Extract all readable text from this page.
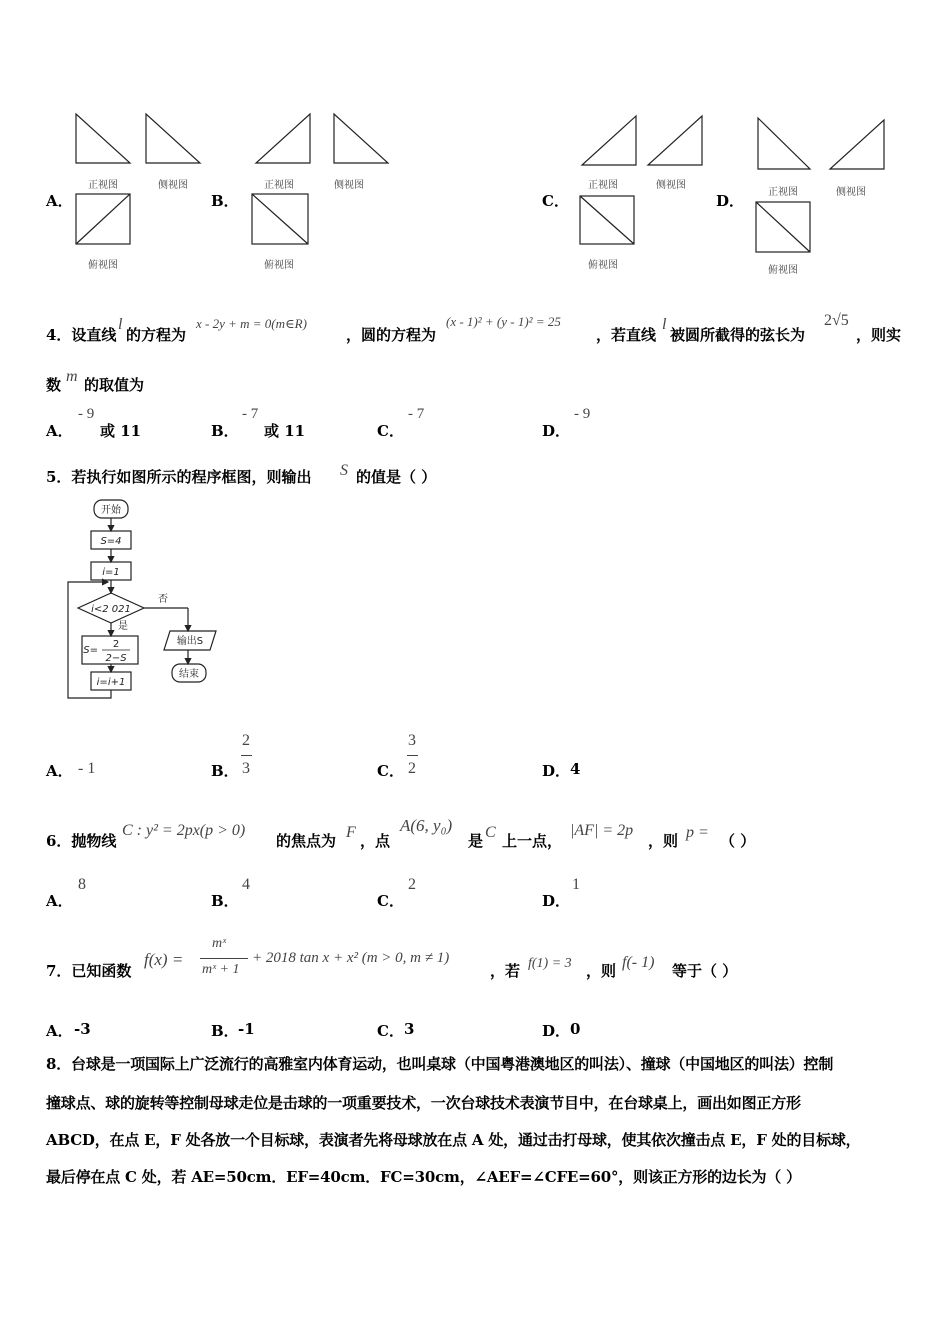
A．
正视图	侧视图
俯视图
B．
正视图	侧视图
俯视图
C．
正视图	侧视图
俯视图
D． 正视图	侧视图
俯视图
4．设直线
l
的方程为
x - 2y + m = 0(m∈R)
，圆的方程为
(x - 1)² + (y - 1)² = 25
，若直线
l
被圆所截得的弦长为
2√5
，则实
数 m 的取值为
A．
- 9
或 11	B．
- 7
或 11	C．
- 7
D．
- 9
5．若执行如图所示的程序框图，则输出 S 的值是（ ）
开始
S=4
i=1
i<2 021
否
是
S=
2
2−S
i=i+1
输出S
结束
A． - 1	B．
2
3	C．
3
2	D． 4
6．抛物线
C : y² = 2px(p > 0)
的焦点为 F ，点
A(6, y₀)
是 C 上一点，
|AF| = 2p
，则 p = （ ）
A．
8
B．
4
C．
2
D．
1
7．已知函数
f(x) =
mˣ
mˣ + 1
+ 2018 tan x + x² (m > 0, m ≠ 1)
，若 f(1) = 3 ，则 f(- 1) 等于（ ）
A． -3	B． -1	C． 3	D． 0
8．台球是一项国际上广泛流行的高雅室内体育运动，也叫桌球（中国粤港澳地区的叫法）、撞球（中国地区的叫法）控制
撞球点、球的旋转等控制母球走位是击球的一项重要技术，一次台球技术表演节目中，在台球桌上，画出如图正方形
ABCD，在点 E，F 处各放一个目标球，表演者先将母球放在点 A 处，通过击打母球，使其依次撞击点 E，F 处的目标球，
最后停在点 C 处，若 AE=50cm．EF=40cm．FC=30cm，∠AEF=∠CFE=60°，则该正方形的边长为（ ）
